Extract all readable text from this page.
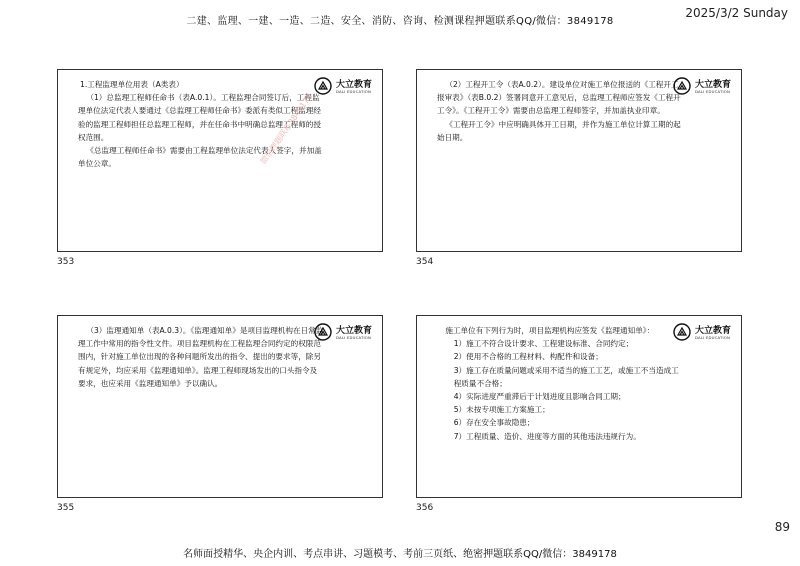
二建、监理、一建、一造、二造、安全、消防、咨询、检测课程押题联系QQ/微信：3849178
2025/3/2 Sunday
大立教育
DALI EDUCATION

1.工程监理单位用表（A类表）

（1）总监理工程师任命书（表A.0.1）。工程监理合同签订后，工程监理单位法定代表人要通过《总监理工程师任命书》委派有类似工程监理经验的监理工程师担任总监理工程师，并在任命书中明确总监理工程师的授权范围。

《总监理工程师任命书》需要由工程监理单位法定代表人签字，并加盖单位公章。

353
大立教育
DALI EDUCATION

（2）工程开工令（表A.0.2）。建设单位对施工单位报送的《工程开工报审表》（表B.0.2）签署同意开工意见后，总监理工程师应签发《工程开工令》。《工程开工令》需要由总监理工程师签字，并加盖执业印章。

《工程开工令》中应明确具体开工日期，并作为施工单位计算工期的起始日期。

354
大立教育
DALI EDUCATION

（3）监理通知单（表A.0.3）。《监理通知单》是项目监理机构在日常监理工作中常用的指令性文件。项目监理机构在工程监理合同约定的权限范围内，针对施工单位出现的各种问题所发出的指令、提出的要求等，除另有规定外，均应采用《监理通知单》。监理工程师现场发出的口头指令及要求，也应采用《监理通知单》予以确认。

355
大立教育
DALI EDUCATION

施工单位有下列行为时，项目监理机构应签发《监理通知单》：

1）施工不符合设计要求、工程建设标准、合同约定；

2）使用不合格的工程材料、构配件和设备；

3）施工存在质量问题或采用不适当的施工工艺，或施工不当造成工程质量不合格；

4）实际进度严重滞后于计划进度且影响合同工期；

5）未按专项施工方案施工；

6）存在安全事故隐患；

7）工程质量、造价、进度等方面的其他违法违规行为。

356
微信押题联系3849178
89
名师面授精华、央企内训、考点串讲、习题模考、考前三页纸、绝密押题联系QQ/微信：3849178
